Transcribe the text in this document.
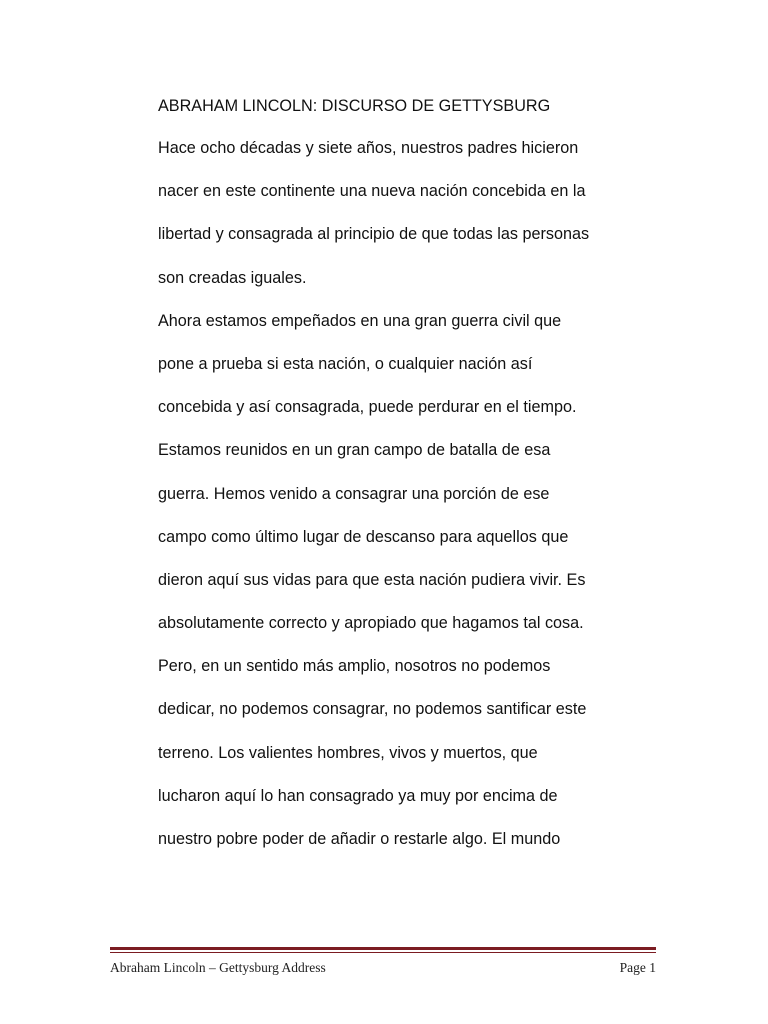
ABRAHAM LINCOLN: DISCURSO DE GETTYSBURG
Hace ocho décadas y siete años, nuestros padres hicieron
nacer en este continente una nueva nación concebida en la
libertad y consagrada al principio de que todas las personas
son creadas iguales.
Ahora estamos empeñados en una gran guerra civil que
pone a prueba si esta nación, o cualquier nación así
concebida y así consagrada, puede perdurar en el tiempo.
Estamos reunidos en un gran campo de batalla de esa
guerra. Hemos venido a consagrar una porción de ese
campo como último lugar de descanso para aquellos que
dieron aquí sus vidas para que esta nación pudiera vivir. Es
absolutamente correcto y apropiado que hagamos tal cosa.
Pero, en un sentido más amplio, nosotros no podemos
dedicar, no podemos consagrar, no podemos santificar este
terreno. Los valientes hombres, vivos y muertos, que
lucharon aquí lo han consagrado ya muy por encima de
nuestro pobre poder de añadir o restarle algo. El mundo
Abraham Lincoln – Gettysburg Address	Page 1
